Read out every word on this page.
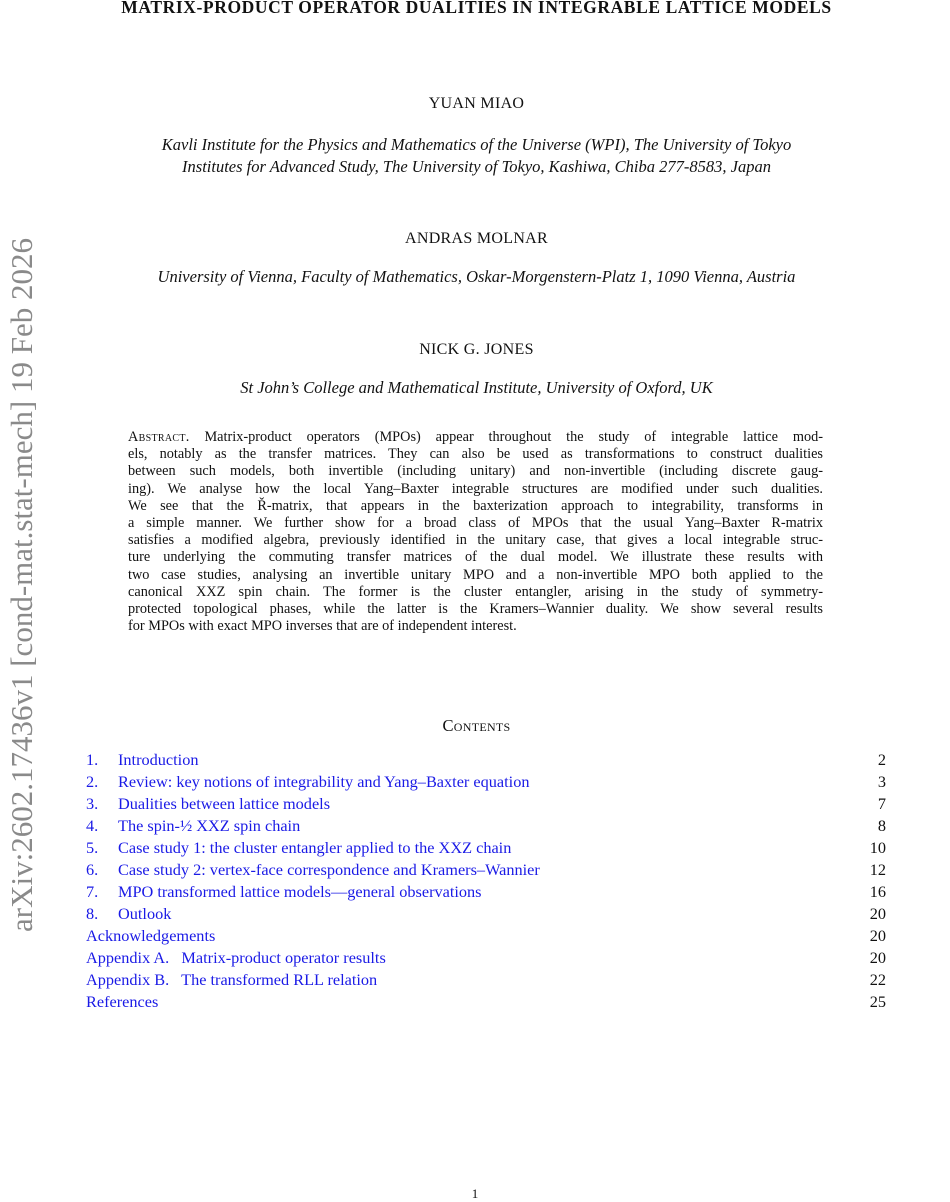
arXiv:2602.17436v1 [cond-mat.stat-mech] 19 Feb 2026
MATRIX-PRODUCT OPERATOR DUALITIES IN INTEGRABLE LATTICE MODELS
YUAN MIAO
Kavli Institute for the Physics and Mathematics of the Universe (WPI), The University of Tokyo
Institutes for Advanced Study, The University of Tokyo, Kashiwa, Chiba 277-8583, Japan
ANDRAS MOLNAR
University of Vienna, Faculty of Mathematics, Oskar-Morgenstern-Platz 1, 1090 Vienna, Austria
NICK G. JONES
St John’s College and Mathematical Institute, University of Oxford, UK
Abstract. Matrix-product operators (MPOs) appear throughout the study of integrable lattice mod-
els, notably as the transfer matrices. They can also be used as transformations to construct dualities
between such models, both invertible (including unitary) and non-invertible (including discrete gaug-
ing). We analyse how the local Yang–Baxter integrable structures are modified under such dualities.
We see that the Ř-matrix, that appears in the baxterization approach to integrability, transforms in
a simple manner. We further show for a broad class of MPOs that the usual Yang–Baxter R-matrix
satisfies a modified algebra, previously identified in the unitary case, that gives a local integrable struc-
ture underlying the commuting transfer matrices of the dual model. We illustrate these results with
two case studies, analysing an invertible unitary MPO and a non-invertible MPO both applied to the
canonical XXZ spin chain. The former is the cluster entangler, arising in the study of symmetry-
protected topological phases, while the latter is the Kramers–Wannier duality. We show several results
for MPOs with exact MPO inverses that are of independent interest.
Contents
1. Introduction	2
2. Review: key notions of integrability and Yang–Baxter equation	3
3. Dualities between lattice models	7
4. The spin-½ XXZ spin chain	8
5. Case study 1: the cluster entangler applied to the XXZ chain	10
6. Case study 2: vertex-face correspondence and Kramers–Wannier	12
7. MPO transformed lattice models—general observations	16
8. Outlook	20
Acknowledgements	20
Appendix A.   Matrix-product operator results	20
Appendix B.   The transformed RLL relation	22
References	25
1
